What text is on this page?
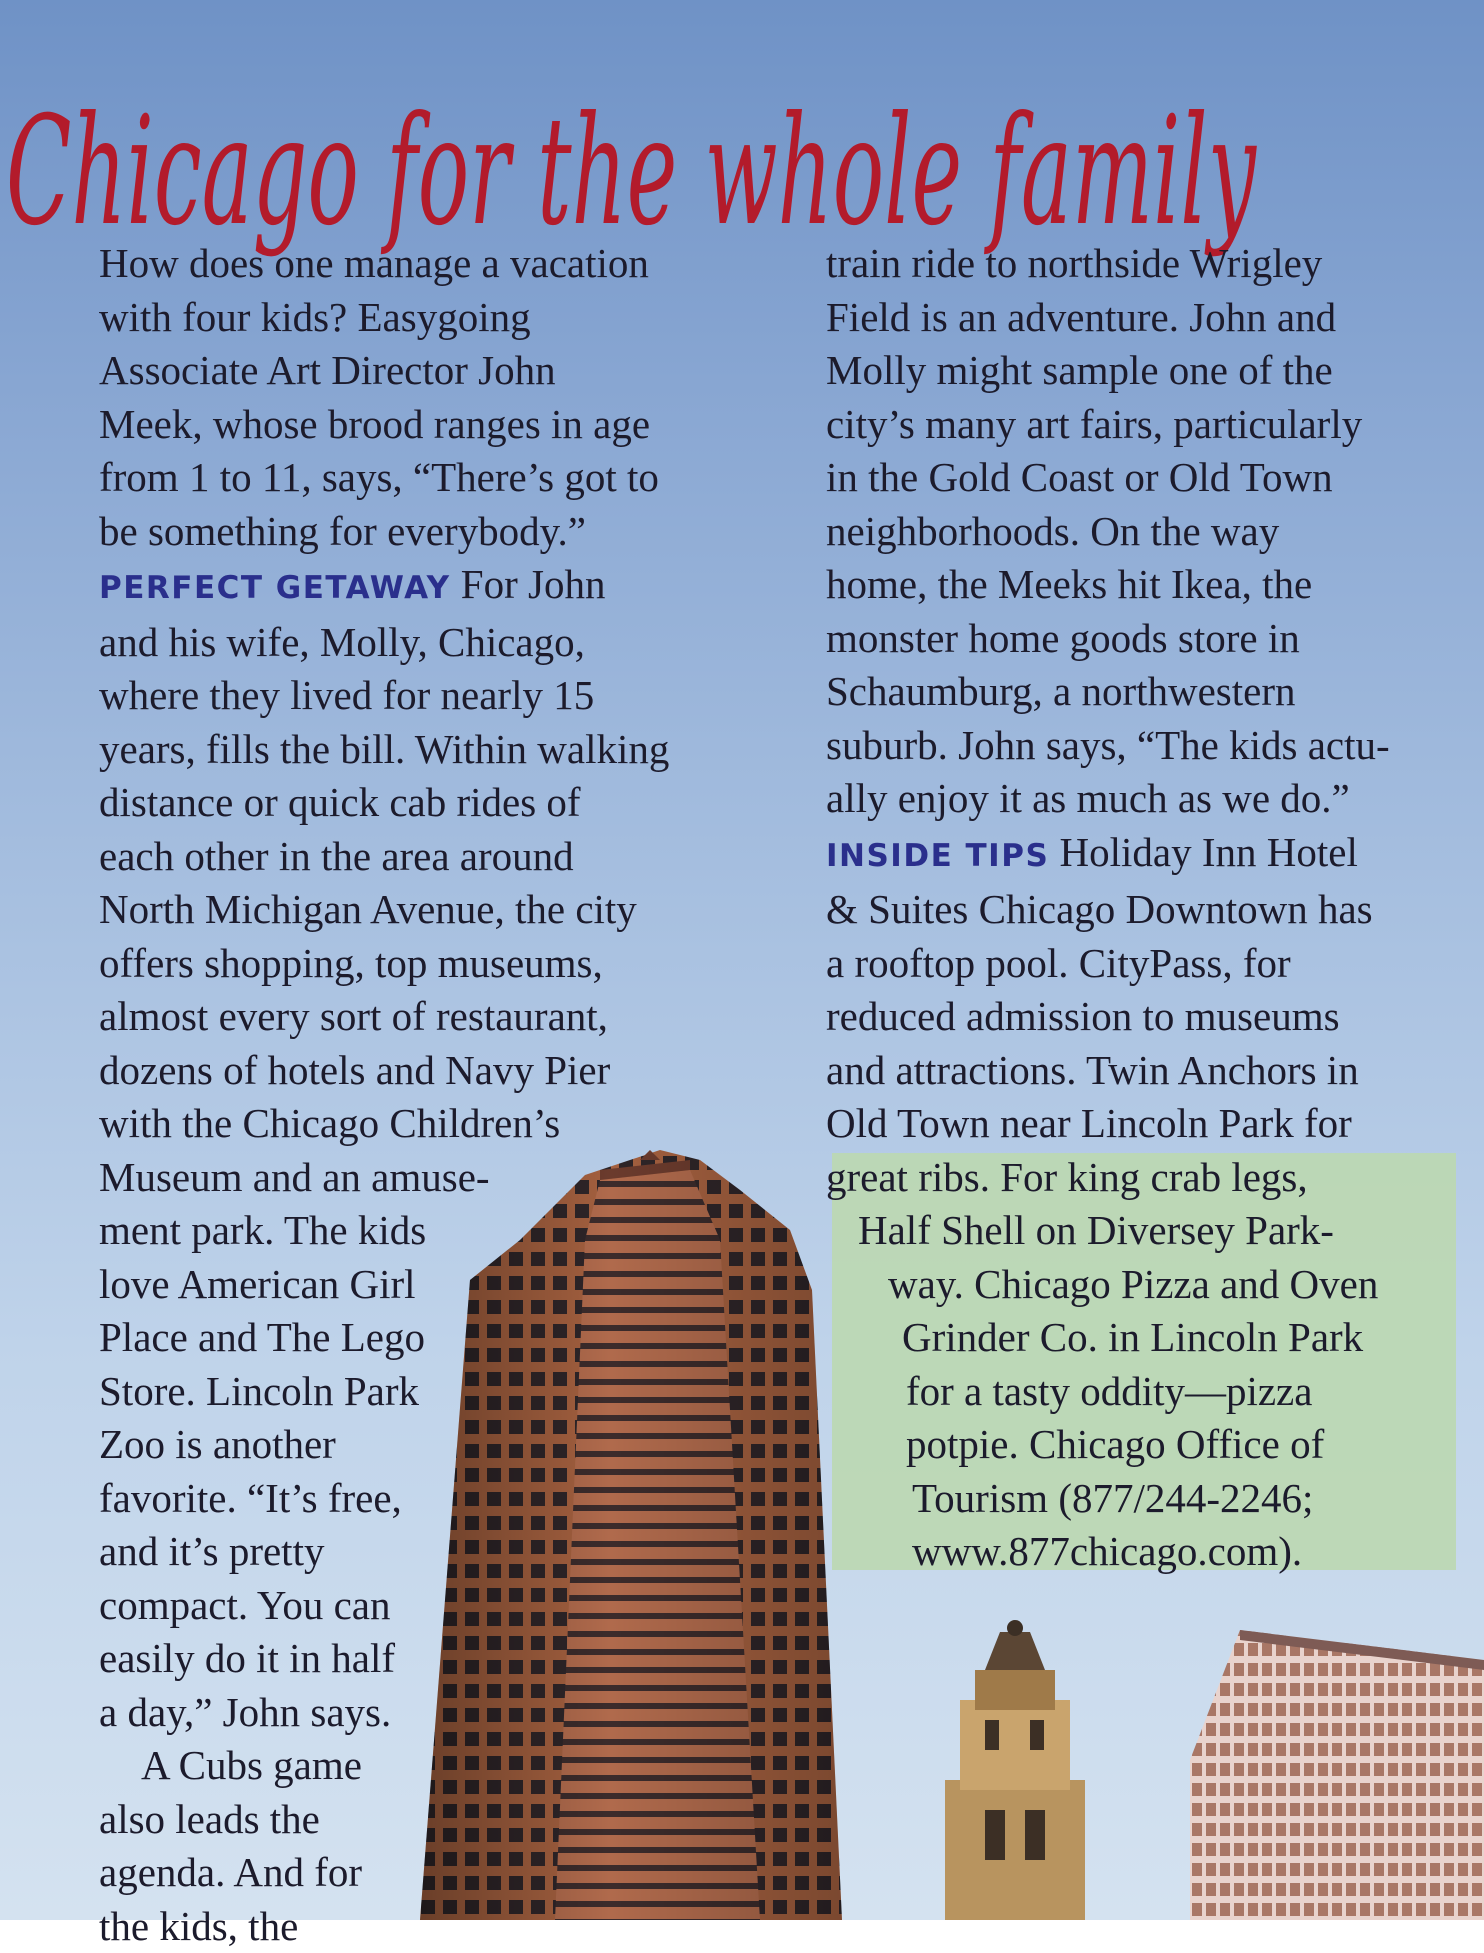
Chicago for the whole family
How does one manage a vacation
with four kids? Easygoing
Associate Art Director John
Meek, whose brood ranges in age
from 1 to 11, says, “There’s got to
be something for everybody.”
PERFECT GETAWAY For John
and his wife, Molly, Chicago,
where they lived for nearly 15
years, fills the bill. Within walking
distance or quick cab rides of
each other in the area around
North Michigan Avenue, the city
offers shopping, top museums,
almost every sort of restaurant,
dozens of hotels and Navy Pier
with the Chicago Children’s
Museum and an amuse-
ment park. The kids
love American Girl
Place and The Lego
Store. Lincoln Park
Zoo is another
favorite. “It’s free,
and it’s pretty
compact. You can
easily do it in half
a day,” John says.
A Cubs game
also leads the
agenda. And for
the kids, the
train ride to northside Wrigley
Field is an adventure. John and
Molly might sample one of the
city’s many art fairs, particularly
in the Gold Coast or Old Town
neighborhoods. On the way
home, the Meeks hit Ikea, the
monster home goods store in
Schaumburg, a northwestern
suburb. John says, “The kids actu-
ally enjoy it as much as we do.”
INSIDE TIPS Holiday Inn Hotel
& Suites Chicago Downtown has
a rooftop pool. CityPass, for
reduced admission to museums
and attractions. Twin Anchors in
Old Town near Lincoln Park for
great ribs. For king crab legs,
Half Shell on Diversey Park-
way. Chicago Pizza and Oven
Grinder Co. in Lincoln Park
for a tasty oddity—pizza
potpie. Chicago Office of
Tourism (877/244-2246;
www.877chicago.com).
